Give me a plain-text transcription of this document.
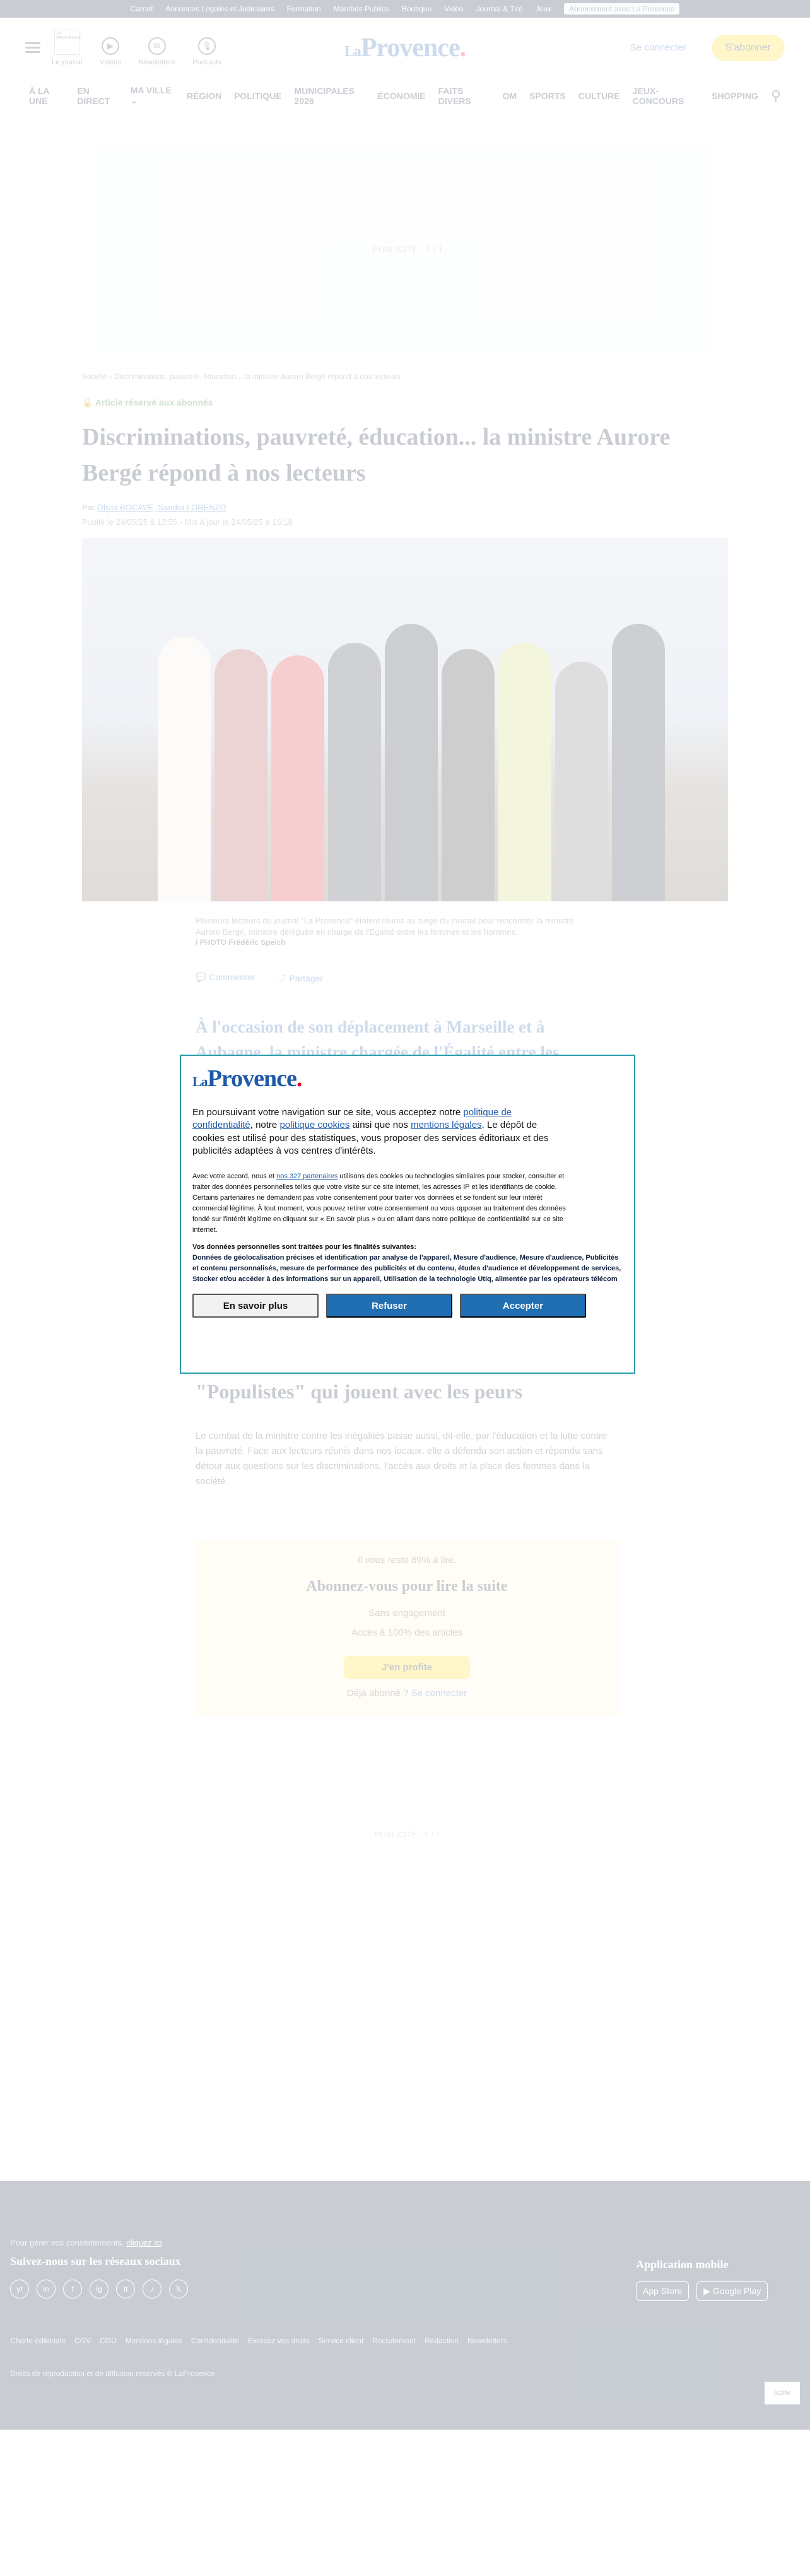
LaProvence.

En poursuivant votre navigation sur ce site, vous acceptez notre politique de confidentialité, notre politique cookies ainsi que nos mentions légales. Le dépôt de cookies est utilisé pour des statistiques, vous proposer des services éditoriaux et des publicités adaptées à vos centres d'intérêts.

Avec votre accord, nous et nos 327 partenaires utilisons des cookies ou technologies similaires pour stocker, consulter et traiter des données personnelles telles que votre visite sur ce site internet, les adresses IP et les identifiants de cookie. Certains partenaires ne demandent pas votre consentement pour traiter vos données et se fondent sur leur intérêt commercial légitime. À tout moment, vous pouvez retirer votre consentement ou vous opposer au traitement des données fondé sur l'intérêt légitime en cliquant sur « En savoir plus » ou en allant dans notre politique de confidentialité sur ce site internet.

Vos données personnelles sont traitées pour les finalités suivantes:
Données de géolocalisation précises et identification par analyse de l'appareil, Mesure d'audience, Mesure d'audience, Publicités et contenu personnalisés, mesure de performance des publicités et du contenu, études d'audience et développement de services, Stocker et/ou accéder à des informations sur un appareil, Utilisation de la technologie Utiq, alimentée par les opérateurs télécom
En savoir plus	Refuser	Accepter
